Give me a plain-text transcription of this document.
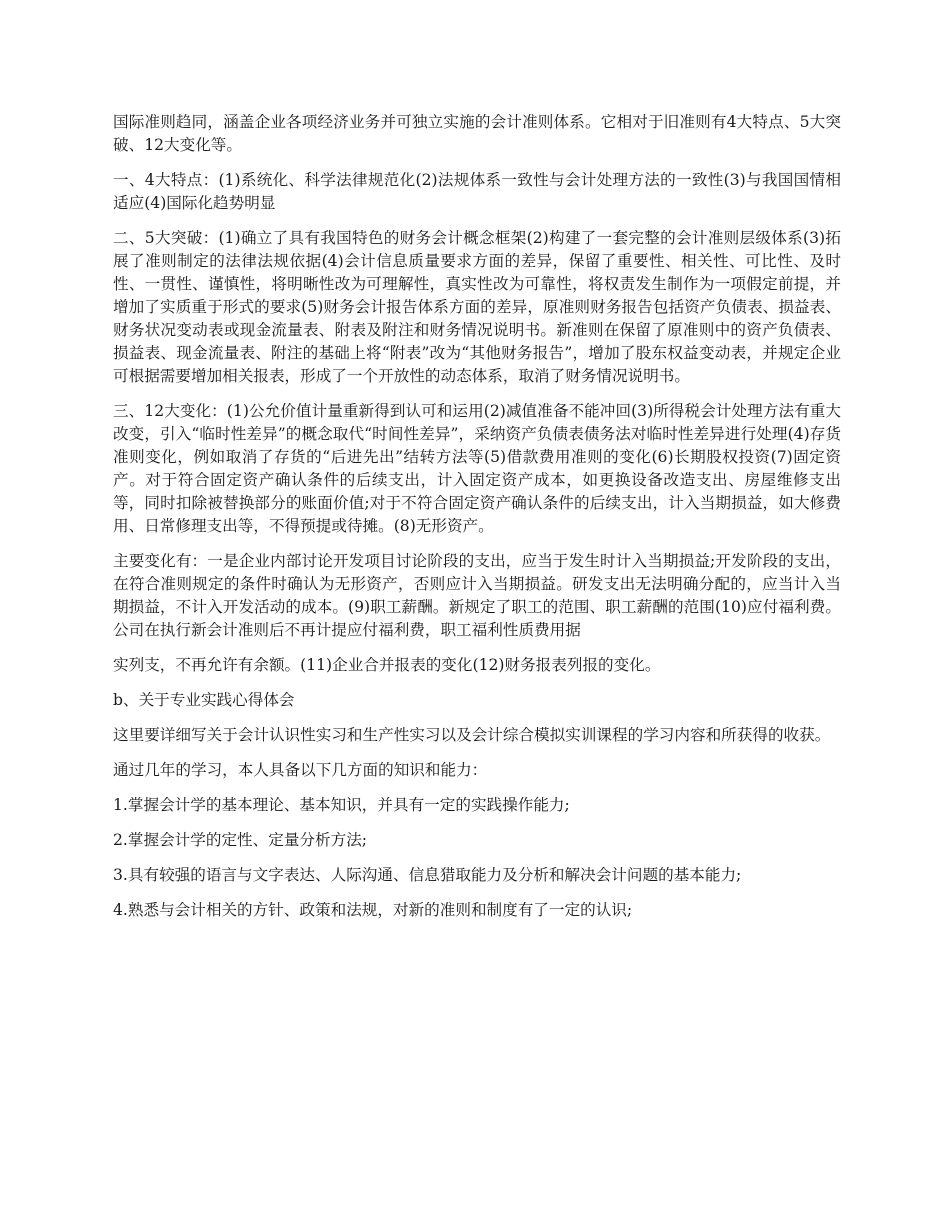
国际准则趋同，涵盖企业各项经济业务并可独立实施的会计准则体系。它相对于旧准则有4大特点、5大突破、12大变化等。

一、4大特点：(1)系统化、科学法律规范化(2)法规体系一致性与会计处理方法的一致性(3)与我国国情相适应(4)国际化趋势明显

二、5大突破：(1)确立了具有我国特色的财务会计概念框架(2)构建了一套完整的会计准则层级体系(3)拓展了准则制定的法律法规依据(4)会计信息质量要求方面的差异，保留了重要性、相关性、可比性、及时性、一贯性、谨慎性，将明晰性改为可理解性，真实性改为可靠性，将权责发生制作为一项假定前提，并增加了实质重于形式的要求(5)财务会计报告体系方面的差异，原准则财务报告包括资产负债表、损益表、财务状况变动表或现金流量表、附表及附注和财务情况说明书。新准则在保留了原准则中的资产负债表、损益表、现金流量表、附注的基础上将“附表”改为“其他财务报告”，增加了股东权益变动表，并规定企业可根据需要增加相关报表，形成了一个开放性的动态体系，取消了财务情况说明书。

三、12大变化：(1)公允价值计量重新得到认可和运用(2)减值准备不能冲回(3)所得税会计处理方法有重大改变，引入“临时性差异”的概念取代“时间性差异”，采纳资产负债表债务法对临时性差异进行处理(4)存货准则变化，例如取消了存货的“后进先出”结转方法等(5)借款费用准则的变化(6)长期股权投资(7)固定资产。对于符合固定资产确认条件的后续支出，计入固定资产成本，如更换设备改造支出、房屋维修支出等，同时扣除被替换部分的账面价值;对于不符合固定资产确认条件的后续支出，计入当期损益，如大修费用、日常修理支出等，不得预提或待摊。(8)无形资产。

主要变化有：一是企业内部讨论开发项目讨论阶段的支出，应当于发生时计入当期损益;开发阶段的支出，在符合准则规定的条件时确认为无形资产，否则应计入当期损益。研发支出无法明确分配的，应当计入当期损益，不计入开发活动的成本。(9)职工薪酬。新规定了职工的范围、职工薪酬的范围(10)应付福利费。公司在执行新会计准则后不再计提应付福利费，职工福利性质费用据

实列支，不再允许有余额。(11)企业合并报表的变化(12)财务报表列报的变化。

b、关于专业实践心得体会

这里要详细写关于会计认识性实习和生产性实习以及会计综合模拟实训课程的学习内容和所获得的收获。

通过几年的学习，本人具备以下几方面的知识和能力：

1.掌握会计学的基本理论、基本知识，并具有一定的实践操作能力;

2.掌握会计学的定性、定量分析方法;

3.具有较强的语言与文字表达、人际沟通、信息猎取能力及分析和解决会计问题的基本能力;

4.熟悉与会计相关的方针、政策和法规，对新的准则和制度有了一定的认识;
